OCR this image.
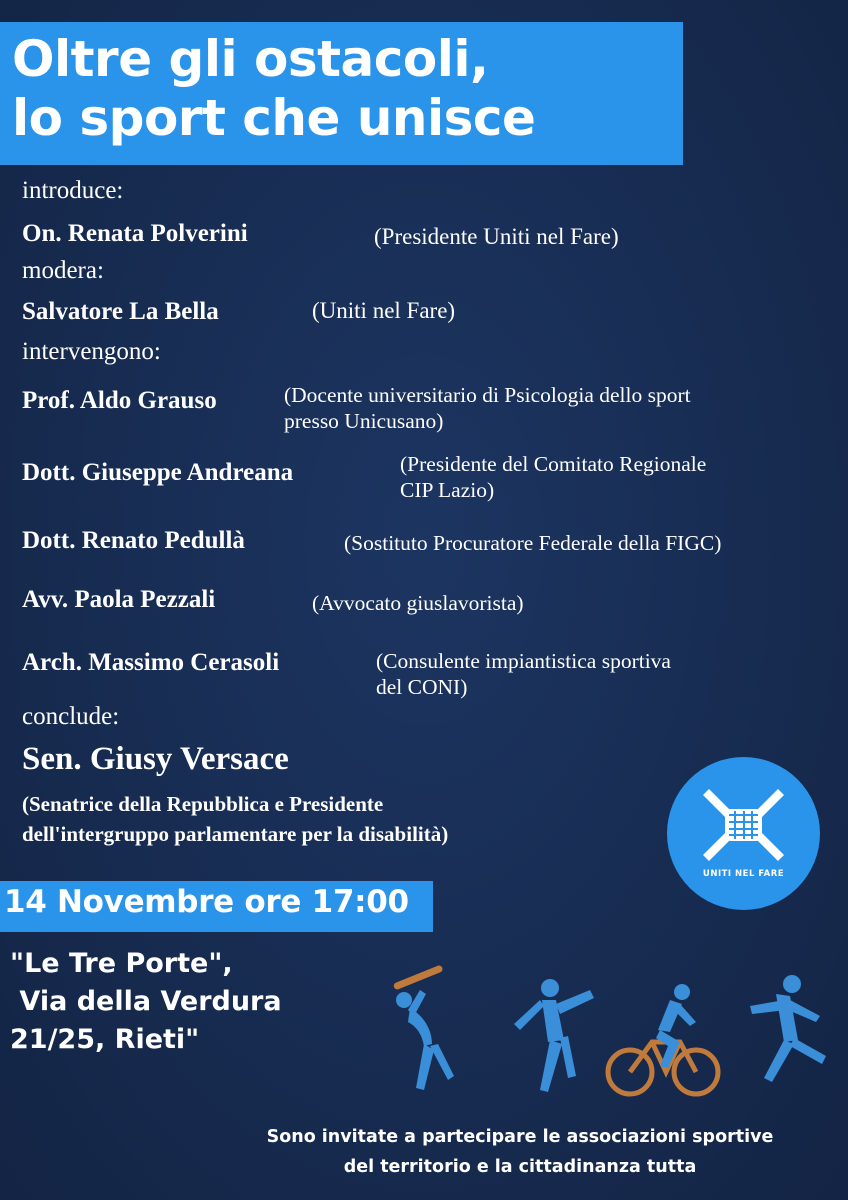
Oltre gli ostacoli,
lo sport che unisce
introduce:
On. Renata Polverini	(Presidente Uniti nel Fare)
modera:
Salvatore La Bella	(Uniti nel Fare)
intervengono:
Prof. Aldo Grauso	(Docente universitario di Psicologia dello sport
presso Unicusano)
Dott. Giuseppe Andreana	(Presidente del Comitato Regionale
CIP Lazio)
Dott. Renato Pedullà	(Sostituto Procuratore Federale della FIGC)
Avv. Paola Pezzali	(Avvocato giuslavorista)
Arch. Massimo Cerasoli	(Consulente impiantistica sportiva
del CONI)
conclude:
Sen. Giusy Versace
(Senatrice della Repubblica e Presidente
dell'intergruppo parlamentare per la disabilità)
UNITI NEL FARE
14 Novembre ore 17:00
"Le Tre Porte",
Via della Verdura
21/25, Rieti"
Sono invitate a partecipare le associazioni sportive
del territorio e la cittadinanza tutta
